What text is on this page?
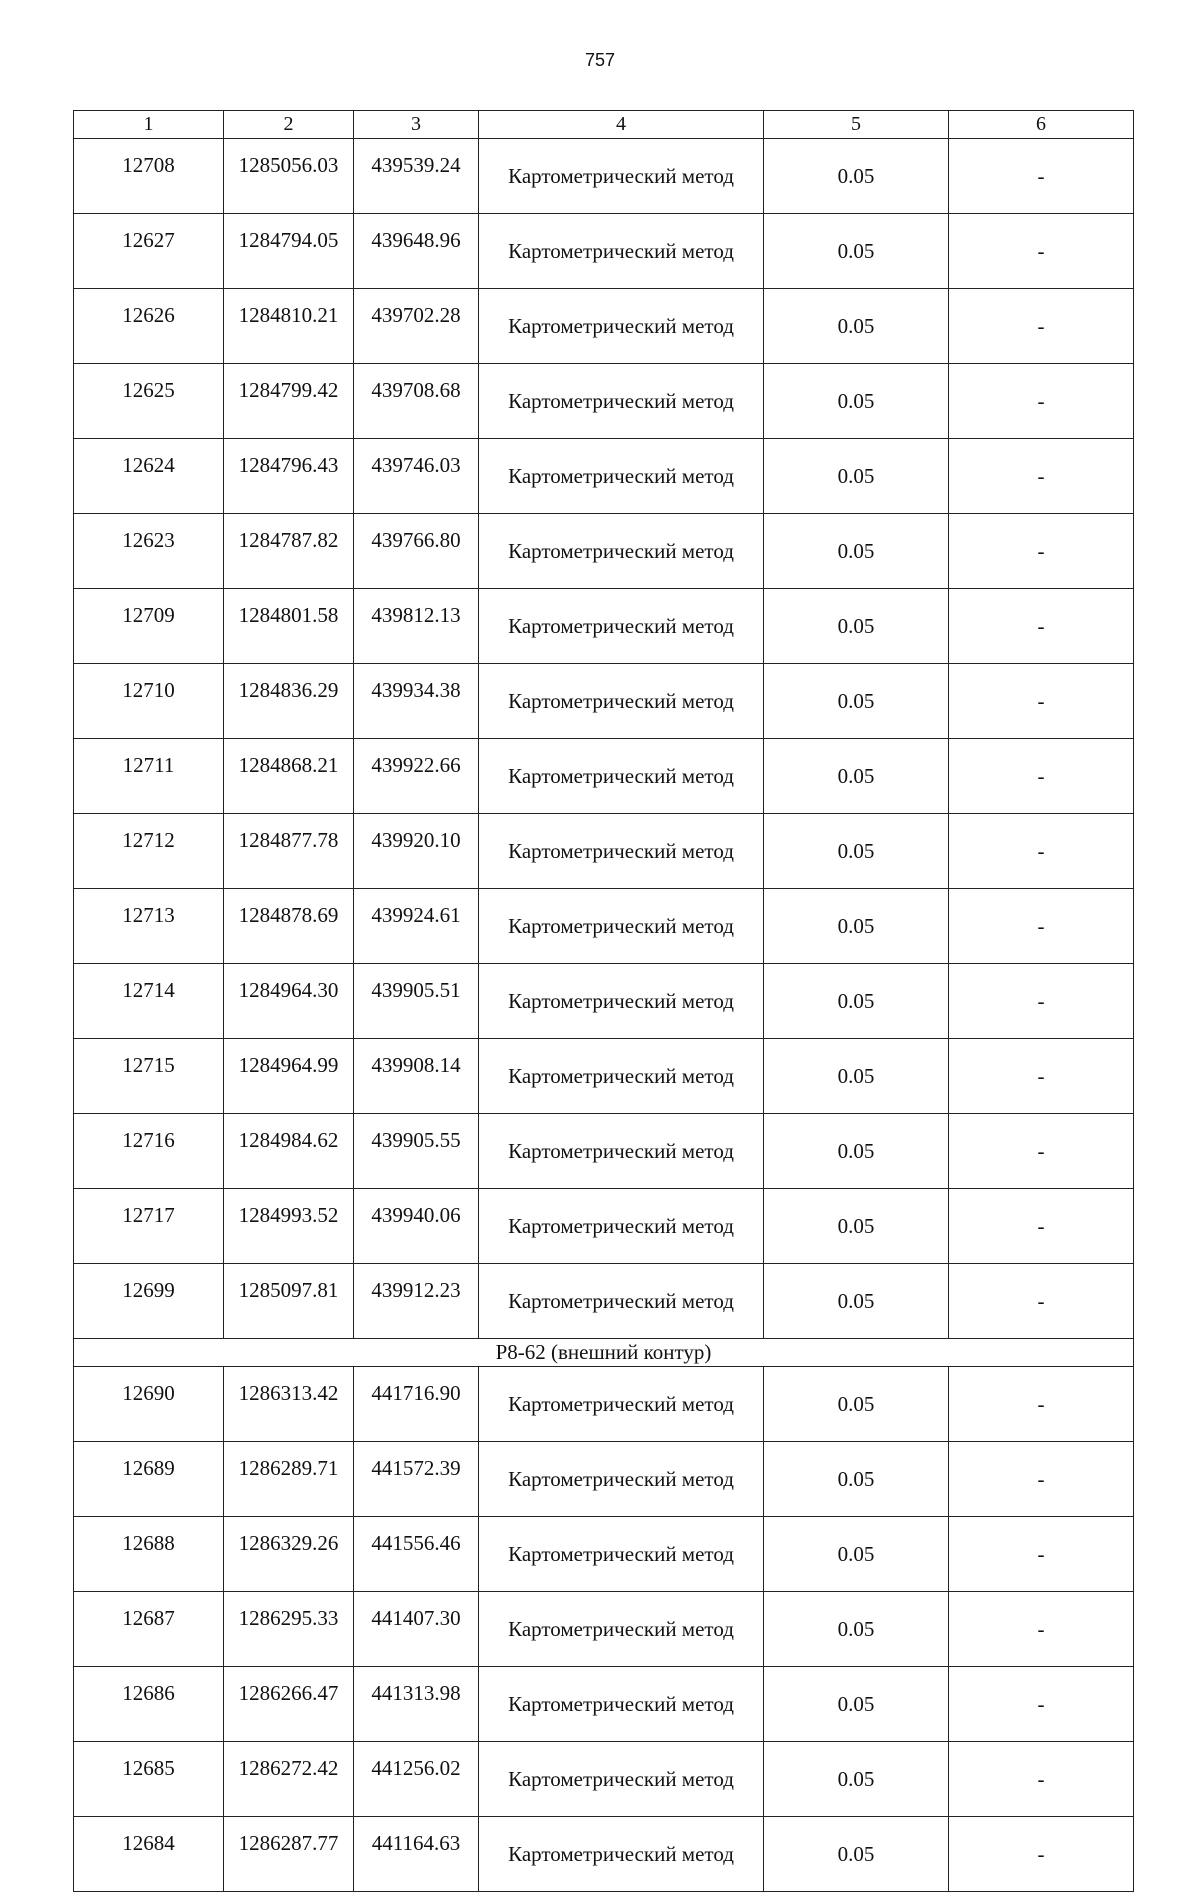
757
1	2	3	4	5	6
12708	1285056.03	439539.24	Картометрический метод	0.05	-
12627	1284794.05	439648.96	Картометрический метод	0.05	-
12626	1284810.21	439702.28	Картометрический метод	0.05	-
12625	1284799.42	439708.68	Картометрический метод	0.05	-
12624	1284796.43	439746.03	Картометрический метод	0.05	-
12623	1284787.82	439766.80	Картометрический метод	0.05	-
12709	1284801.58	439812.13	Картометрический метод	0.05	-
12710	1284836.29	439934.38	Картометрический метод	0.05	-
12711	1284868.21	439922.66	Картометрический метод	0.05	-
12712	1284877.78	439920.10	Картометрический метод	0.05	-
12713	1284878.69	439924.61	Картометрический метод	0.05	-
12714	1284964.30	439905.51	Картометрический метод	0.05	-
12715	1284964.99	439908.14	Картометрический метод	0.05	-
12716	1284984.62	439905.55	Картометрический метод	0.05	-
12717	1284993.52	439940.06	Картометрический метод	0.05	-
12699	1285097.81	439912.23	Картометрический метод	0.05	-
Р8-62 (внешний контур)					
12690	1286313.42	441716.90	Картометрический метод	0.05	-
12689	1286289.71	441572.39	Картометрический метод	0.05	-
12688	1286329.26	441556.46	Картометрический метод	0.05	-
12687	1286295.33	441407.30	Картометрический метод	0.05	-
12686	1286266.47	441313.98	Картометрический метод	0.05	-
12685	1286272.42	441256.02	Картометрический метод	0.05	-
12684	1286287.77	441164.63	Картометрический метод	0.05	-
